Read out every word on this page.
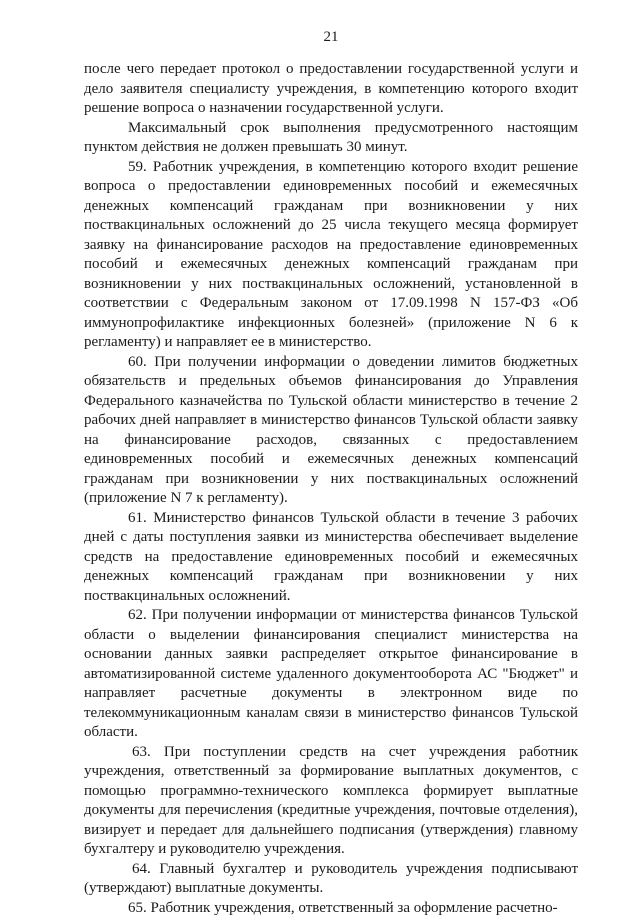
21

после чего передает протокол о предоставлении государственной услуги и дело заявителя специалисту учреждения, в компетенцию которого входит решение вопроса о назначении государственной услуги.

Максимальный срок выполнения предусмотренного настоящим пунктом действия не должен превышать 30 минут.

59. Работник учреждения, в компетенцию которого входит решение вопроса о предоставлении единовременных пособий и ежемесячных денежных компенсаций гражданам при возникновении у них поствакцинальных осложнений до 25 числа текущего месяца формирует заявку на финансирование расходов на предоставление единовременных пособий и ежемесячных денежных компенсаций гражданам при возникновении у них поствакцинальных осложнений, установленной в соответствии с Федеральным законом от 17.09.1998 N 157-ФЗ «Об иммунопрофилактике инфекционных болезней» (приложение N 6 к регламенту) и направляет ее в министерство.

60. При получении информации о доведении лимитов бюджетных обязательств и предельных объемов финансирования до Управления Федерального казначейства по Тульской области министерство в течение 2 рабочих дней направляет в министерство финансов Тульской области заявку на финансирование расходов, связанных с предоставлением единовременных пособий и ежемесячных денежных компенсаций гражданам при возникновении у них поствакцинальных осложнений (приложение N 7 к регламенту).

61. Министерство финансов Тульской области в течение 3 рабочих дней с даты поступления заявки из министерства обеспечивает выделение средств на предоставление единовременных пособий и ежемесячных денежных компенсаций гражданам при возникновении у них поствакцинальных осложнений.

62. При получении информации от министерства финансов Тульской области о выделении финансирования специалист министерства на основании данных заявки распределяет открытое финансирование в автоматизированной системе удаленного документооборота АС "Бюджет" и направляет расчетные документы в электронном виде по телекоммуникационным каналам связи в министерство финансов Тульской области.

63. При поступлении средств на счет учреждения работник учреждения, ответственный за формирование выплатных документов, с помощью программно-технического комплекса формирует выплатные документы для перечисления (кредитные учреждения, почтовые отделения), визирует и передает для дальнейшего подписания (утверждения) главному бухгалтеру и руководителю учреждения.

64. Главный бухгалтер и руководитель учреждения подписывают (утверждают) выплатные документы.

65. Работник учреждения, ответственный за оформление расчетно-
